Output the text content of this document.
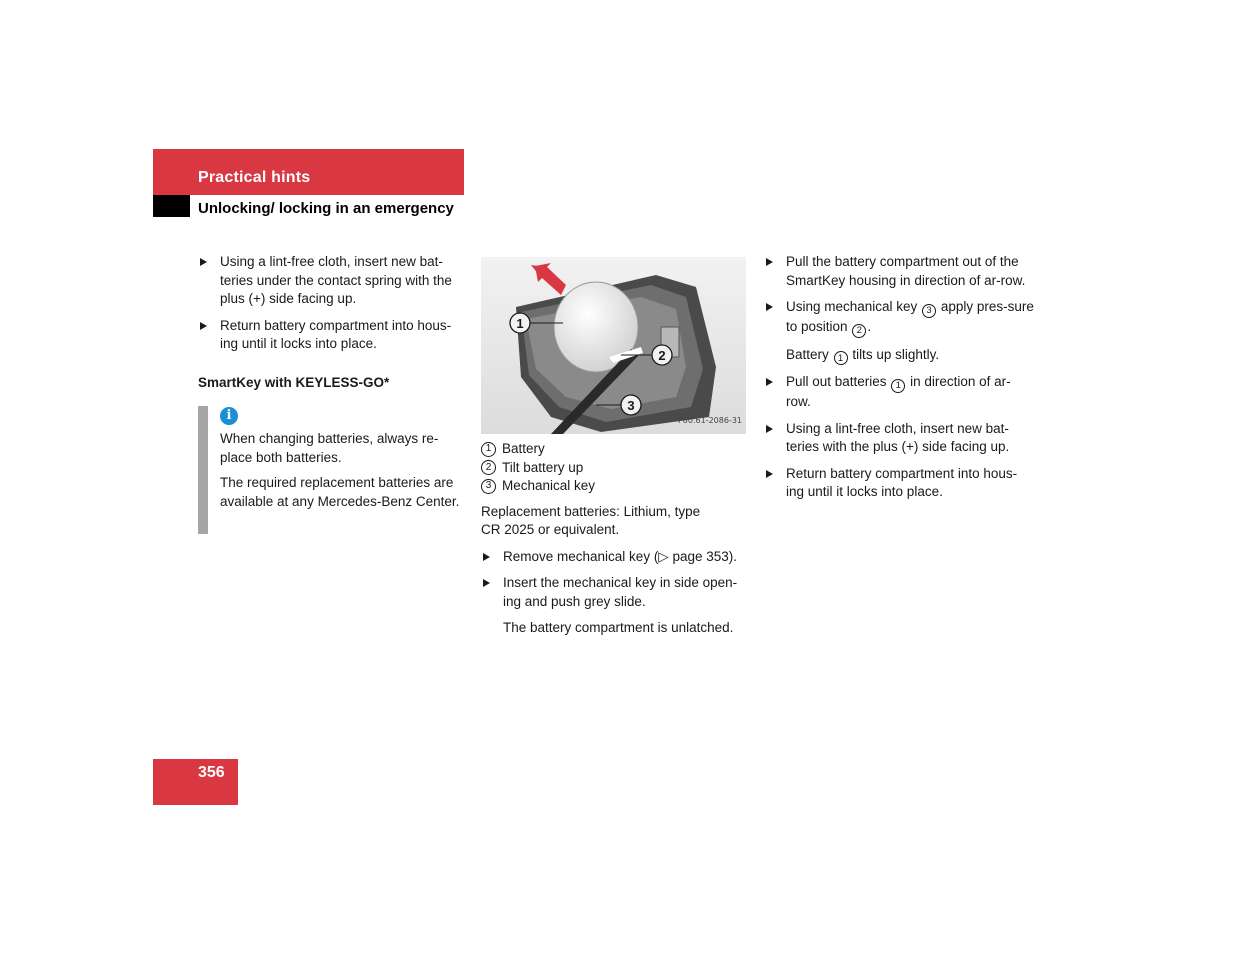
Practical hints
Unlocking/ locking in an emergency
Using a lint-free cloth, insert new bat-teries under the contact spring with the plus (+) side facing up.
Return battery compartment into hous-ing until it locks into place.
SmartKey with KEYLESS-GO*
i

When changing batteries, always re-place both batteries.

The required replacement batteries are available at any Mercedes-Benz Center.

1
2
3
P80.61-2086-31
1 Battery
2 Tilt battery up
3 Mechanical key
Replacement batteries: Lithium, type
CR 2025 or equivalent.
Remove mechanical key (▷ page 353).
Insert the mechanical key in side open-ing and push grey slide.
The battery compartment is unlatched.
Pull the battery compartment out of the SmartKey housing in direction of ar-row.
Using mechanical key 3 apply pres-sure to position 2 .
Battery 1 tilts up slightly.
Pull out batteries 1 in direction of ar-row.
Using a lint-free cloth, insert new bat-teries with the plus (+) side facing up.
Return battery compartment into hous-ing until it locks into place.
356
